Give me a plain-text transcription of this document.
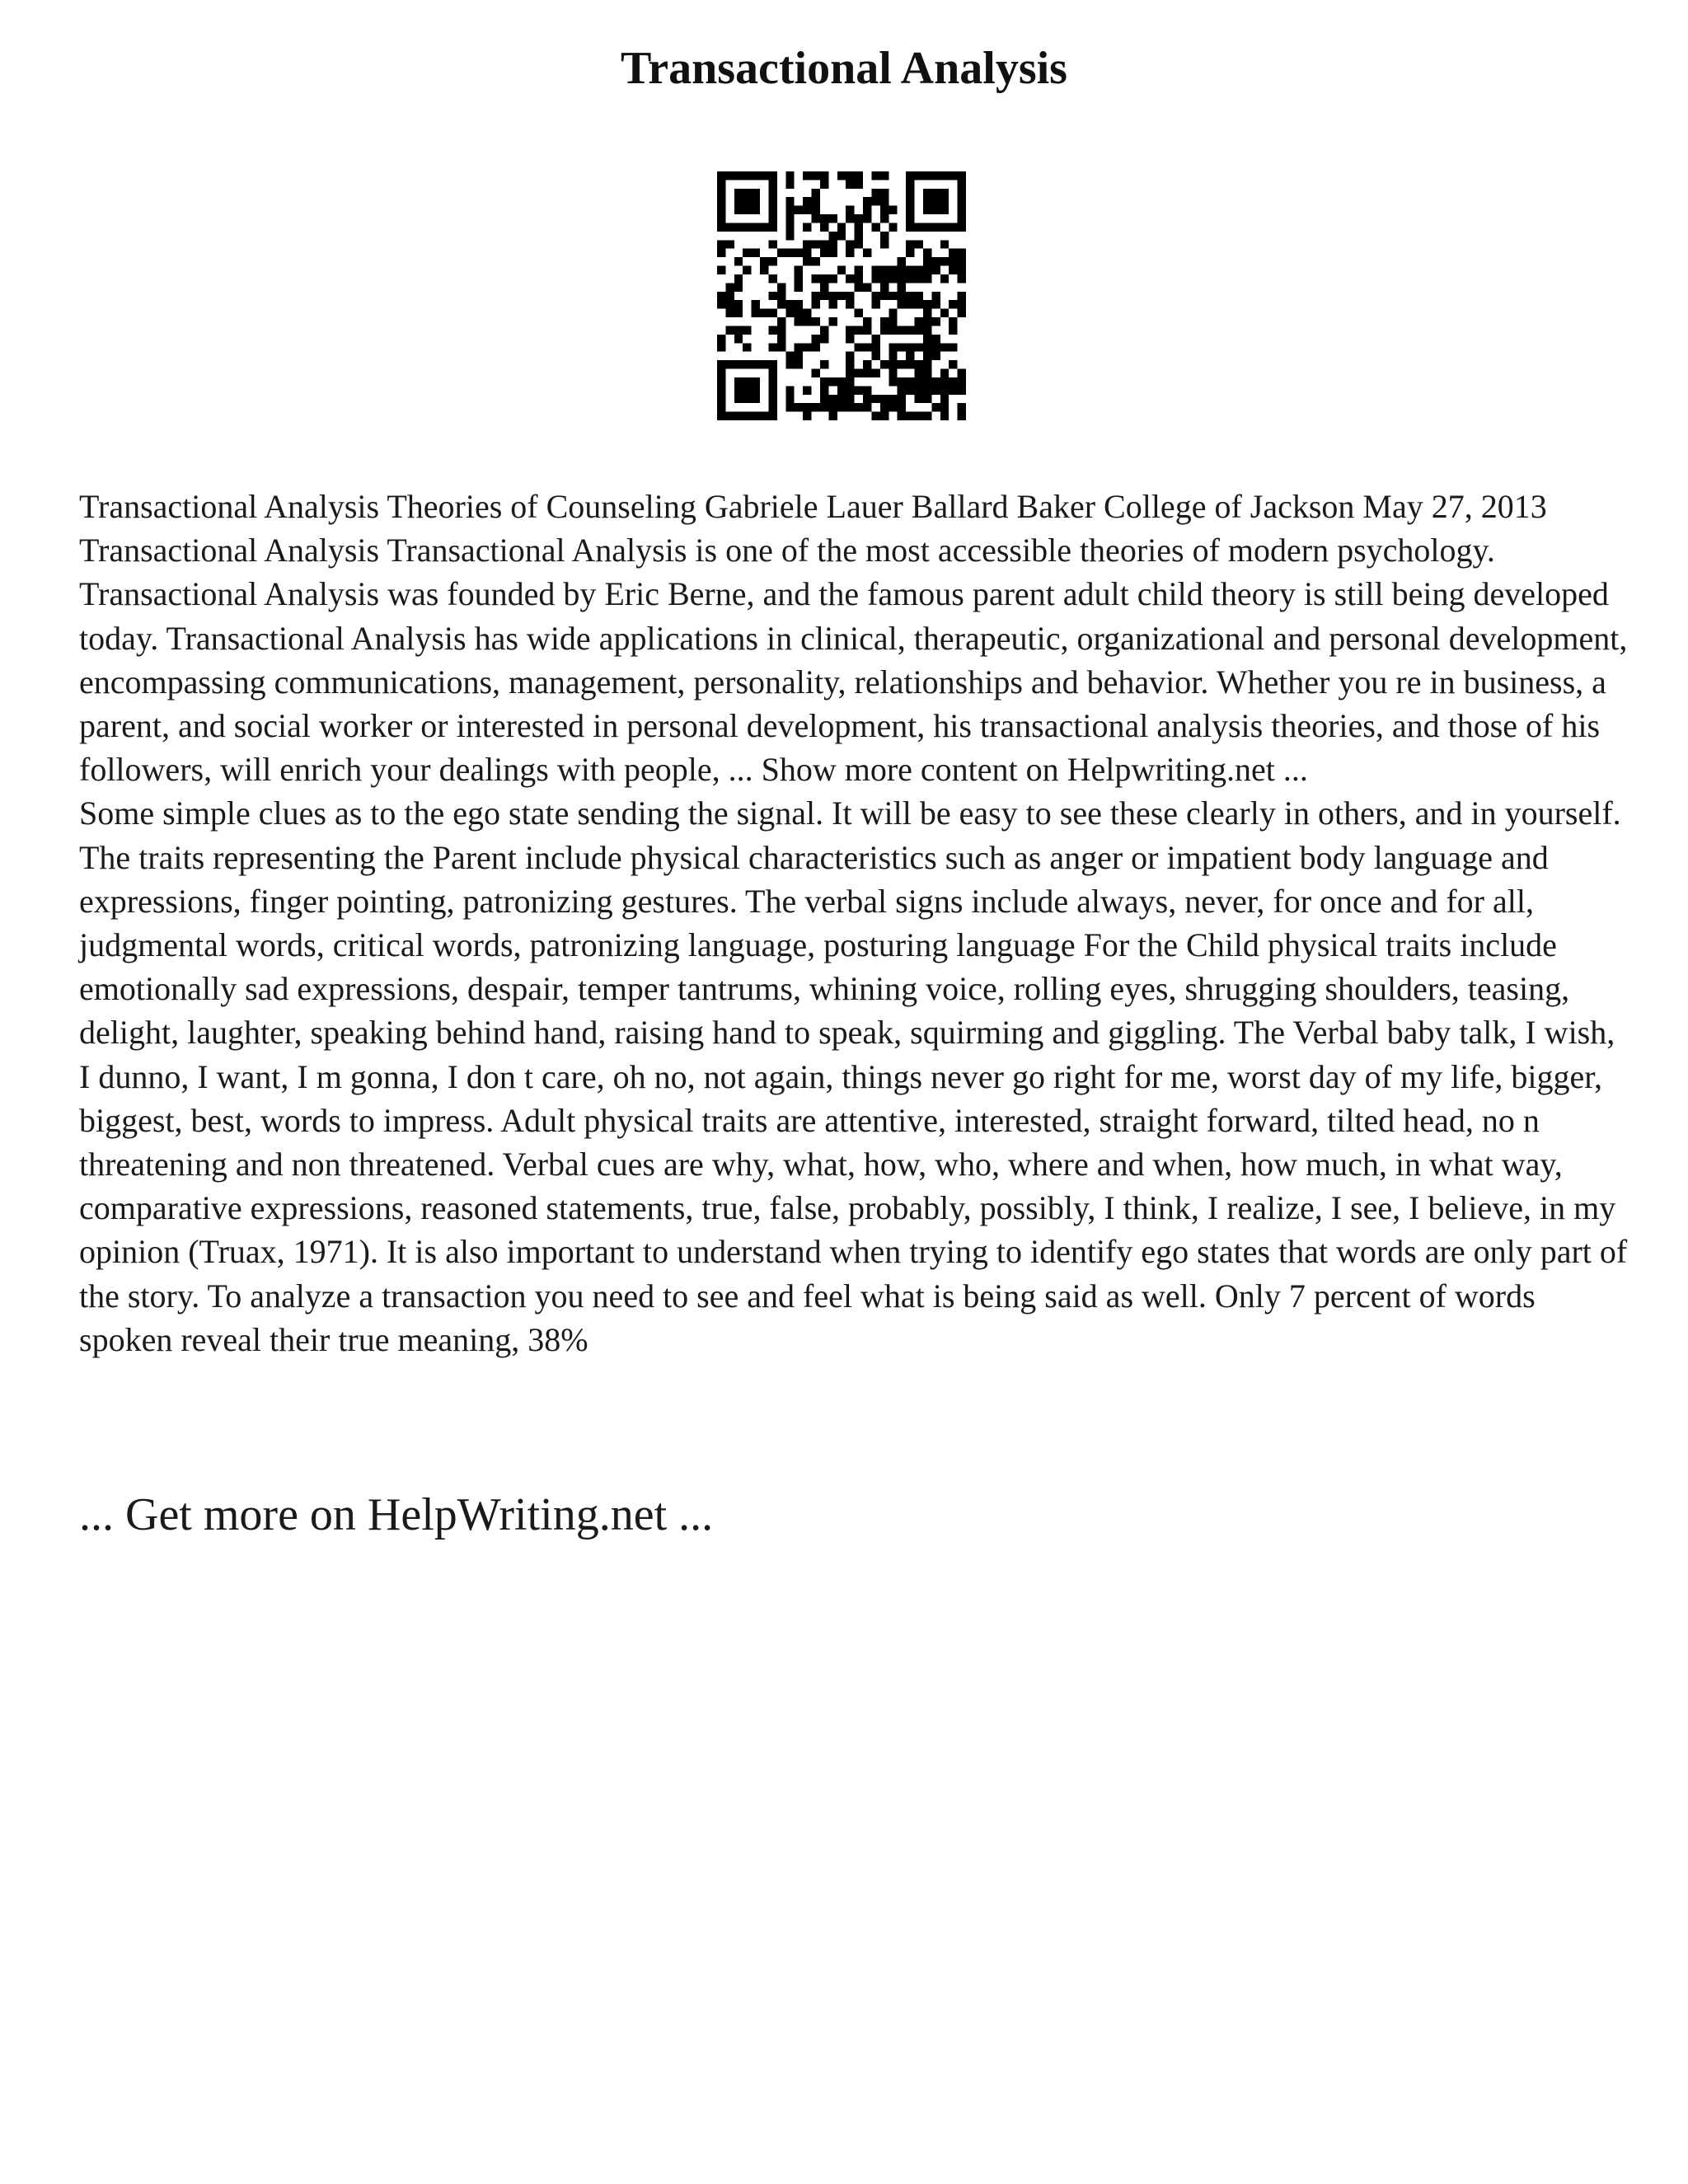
Transactional Analysis

Transactional Analysis Theories of Counseling Gabriele Lauer Ballard Baker College of Jackson May 27, 2013 Transactional Analysis Transactional Analysis is one of the most accessible theories of modern psychology. Transactional Analysis was founded by Eric Berne, and the famous parent adult child theory is still being developed today. Transactional Analysis has wide applications in clinical, therapeutic, organizational and personal development, encompassing communications, management, personality, relationships and behavior. Whether you re in business, a parent, and social worker or interested in personal development, his transactional analysis theories, and those of his followers, will enrich your dealings with people, ... Show more content on Helpwriting.net ...

Some simple clues as to the ego state sending the signal. It will be easy to see these clearly in others, and in yourself. The traits representing the Parent include physical characteristics such as anger or impatient body language and expressions, finger pointing, patronizing gestures. The verbal signs include always, never, for once and for all, judgmental words, critical words, patronizing language, posturing language For the Child physical traits include emotionally sad expressions, despair, temper tantrums, whining voice, rolling eyes, shrugging shoulders, teasing, delight, laughter, speaking behind hand, raising hand to speak, squirming and giggling. The Verbal baby talk, I wish, I dunno, I want, I m gonna, I don t care, oh no, not again, things never go right for me, worst day of my life, bigger, biggest, best, words to impress. Adult physical traits are attentive, interested, straight forward, tilted head, no n threatening and non threatened. Verbal cues are why, what, how, who, where and when, how much, in what way, comparative expressions, reasoned statements, true, false, probably, possibly, I think, I realize, I see, I believe, in my opinion (Truax, 1971). It is also important to understand when trying to identify ego states that words are only part of the story. To analyze a transaction you need to see and feel what is being said as well. Only 7 percent of words spoken reveal their true meaning, 38%

... Get more on HelpWriting.net ...
